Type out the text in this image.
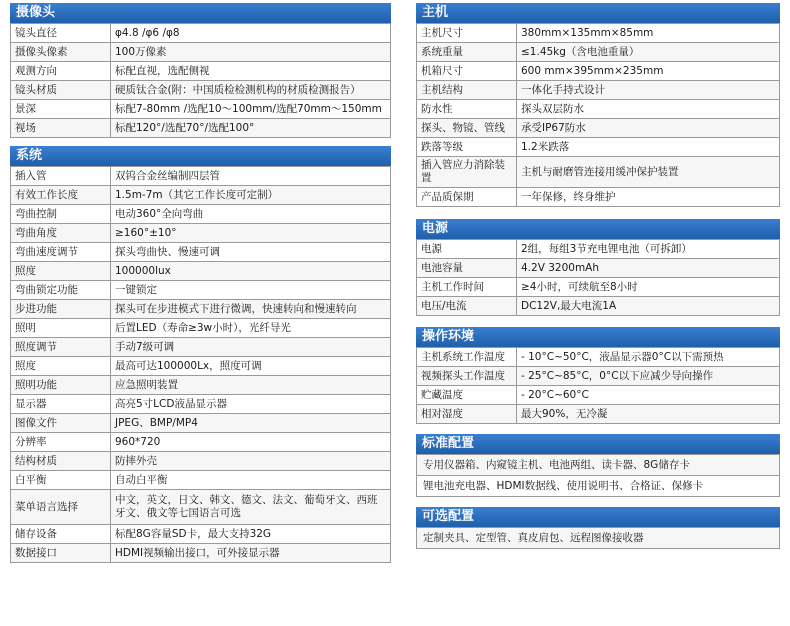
摄像头
镜头直径	φ4.8 /φ6 /φ8
摄像头像素	100万像素
观测方向	标配直视，选配侧视
镜头材质	硬质钛合金(附：中国质检检测机构的材质检测报告）
景深	标配7-80mm /选配10～100mm/选配70mm～150mm
视场	标配120°/选配70°/选配100°
系统
插入管	双钨合金丝编制四层管
有效工作长度	1.5m-7m（其它工作长度可定制）
弯曲控制	电动360°全向弯曲
弯曲角度	≥160°±10°
弯曲速度调节	探头弯曲快、慢速可调
照度	100000lux
弯曲锁定功能	一键锁定
步进功能	探头可在步进模式下进行微调，快速转向和慢速转向
照明	后置LED（寿命≥3w小时），光纤导光
照度调节	手动7级可调
照度	最高可达100000Lx，照度可调
照明功能	应急照明装置
显示器	高亮5寸LCD液晶显示器
图像文件	JPEG、BMP/MP4
分辨率	960*720
结构材质	防摔外壳
白平衡	自动白平衡
菜单语言选择	中文，英文，日文、韩文、德文、法文、葡萄牙文、西班牙文、俄文等七国语言可选
储存设备	标配8G容量SD卡，最大支持32G
数据接口	HDMI视频输出接口，可外接显示器
主机
主机尺寸	380mm×135mm×85mm
系统重量	≤1.45kg（含电池重量）
机箱尺寸	600 mm×395mm×235mm
主机结构	一体化手持式设计
防水性	探头双层防水
探头、物镜、管线	承受IP67防水
跌落等级	1.2米跌落
插入管应力消除装置	主机与耐磨管连接用缓冲保护装置
产品质保期	一年保修，终身维护
电源
电源	2组，每组3节充电锂电池（可拆卸）
电池容量	4.2V 3200mAh
主机工作时间	≥4小时，可续航至8小时
电压/电流	DC12V,最大电流1A
操作环境
主机系统工作温度	- 10°C~50°C，液晶显示器0°C以下需预热
视频探头工作温度	- 25°C~85°C，0°C以下应减少导向操作
贮藏温度	- 20°C~60°C
相对湿度	最大90%，无冷凝
标准配置
专用仪器箱、内窥镜主机、电池两组、读卡器、8G储存卡
锂电池充电器、HDMI数据线、使用说明书、合格证、保修卡
可选配置
定制夹具、定型管、真皮肩包、远程图像接收器
